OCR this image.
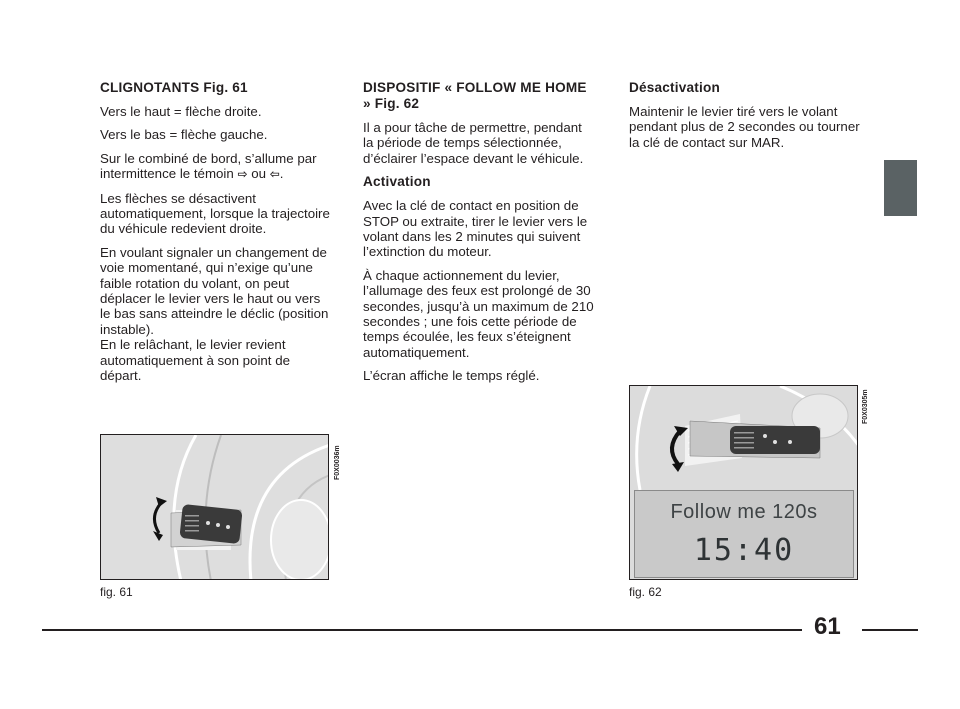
CLIGNOTANTS Fig. 61

Vers le haut = flèche droite.

Vers le bas = flèche gauche.

Sur le combiné de bord, s’allume par intermittence le témoin ⇨ ou ⇦.

Les flèches se désactivent automatiquement, lorsque la trajectoire du véhicule redevient droite.

En voulant signaler un changement de voie momentané, qui n’exige qu’une faible rotation du volant, on peut déplacer le levier vers le haut ou vers le bas sans atteindre le déclic (position instable).

En le relâchant, le levier revient automatiquement à son point de départ.

DISPOSITIF « FOLLOW ME HOME » Fig. 62

Il a pour tâche de permettre, pendant la période de temps sélectionnée, d’éclairer l’espace devant le véhicule.

Activation

Avec la clé de contact en position de STOP ou extraite, tirer le levier vers le volant dans les 2 minutes qui suivent l’extinction du moteur.

À chaque actionnement du levier, l’allumage des feux est prolongé de 30 secondes, jusqu’à un maximum de 210 secondes ; une fois cette période de temps écoulée, les feux s’éteignent automatiquement.

L’écran affiche le temps réglé.

Désactivation

Maintenir le levier tiré vers le volant pendant plus de 2 secondes ou tourner la clé de contact sur MAR.

F0X0036m
fig. 61
Follow me 120s
15:40
F0X0305m
fig. 62
61
